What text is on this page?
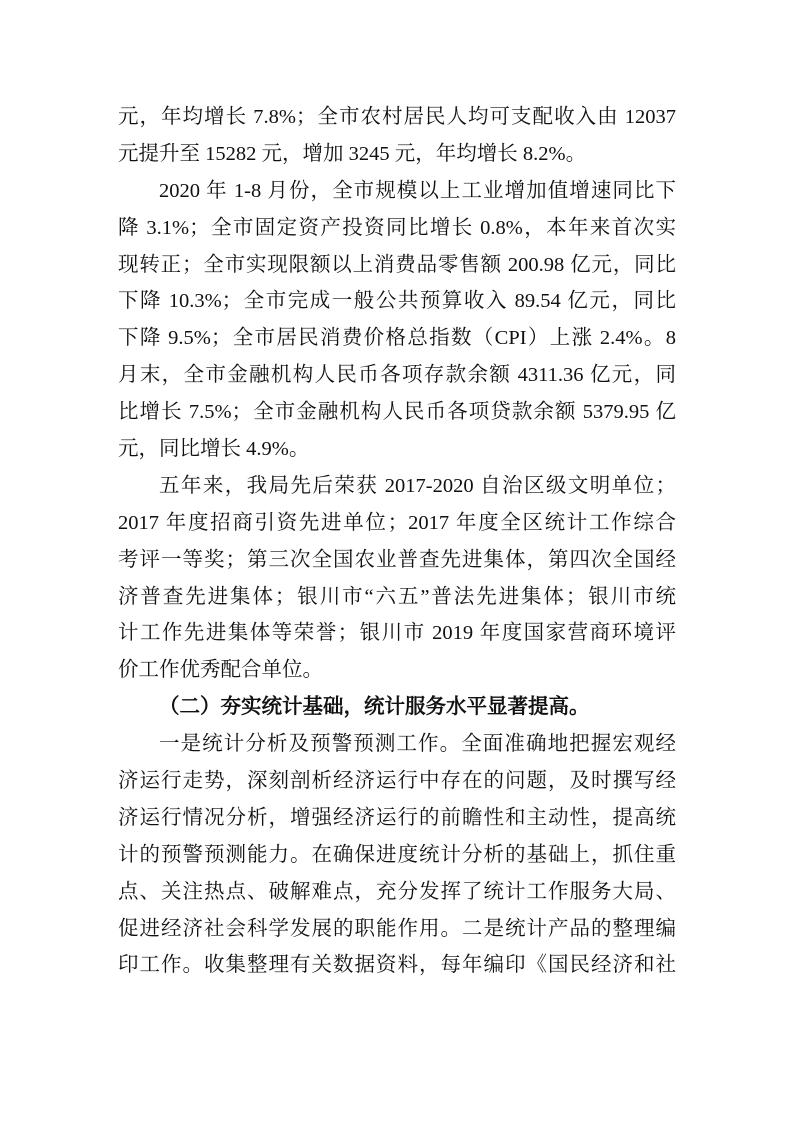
元，年均增长 7.8%；全市农村居民人均可支配收入由 12037
元提升至 15282 元，增加 3245 元，年均增长 8.2%。
2020 年 1-8 月份，全市规模以上工业增加值增速同比下
降 3.1%；全市固定资产投资同比增长 0.8%，本年来首次实
现转正；全市实现限额以上消费品零售额 200.98 亿元，同比
下降 10.3%；全市完成一般公共预算收入 89.54 亿元，同比
下降 9.5%；全市居民消费价格总指数（CPI）上涨 2.4%。8
月末，全市金融机构人民币各项存款余额 4311.36 亿元，同
比增长 7.5%；全市金融机构人民币各项贷款余额 5379.95 亿
元，同比增长 4.9%。
五年来，我局先后荣获 2017-2020 自治区级文明单位；
2017 年度招商引资先进单位；2017 年度全区统计工作综合
考评一等奖；第三次全国农业普查先进集体，第四次全国经
济普查先进集体；银川市“六五”普法先进集体；银川市统
计工作先进集体等荣誉；银川市 2019 年度国家营商环境评
价工作优秀配合单位。
（二）夯实统计基础，统计服务水平显著提高。
一是统计分析及预警预测工作。全面准确地把握宏观经
济运行走势，深刻剖析经济运行中存在的问题，及时撰写经
济运行情况分析，增强经济运行的前瞻性和主动性，提高统
计的预警预测能力。在确保进度统计分析的基础上，抓住重
点、关注热点、破解难点，充分发挥了统计工作服务大局、
促进经济社会科学发展的职能作用。二是统计产品的整理编
印工作。收集整理有关数据资料，每年编印《国民经济和社
